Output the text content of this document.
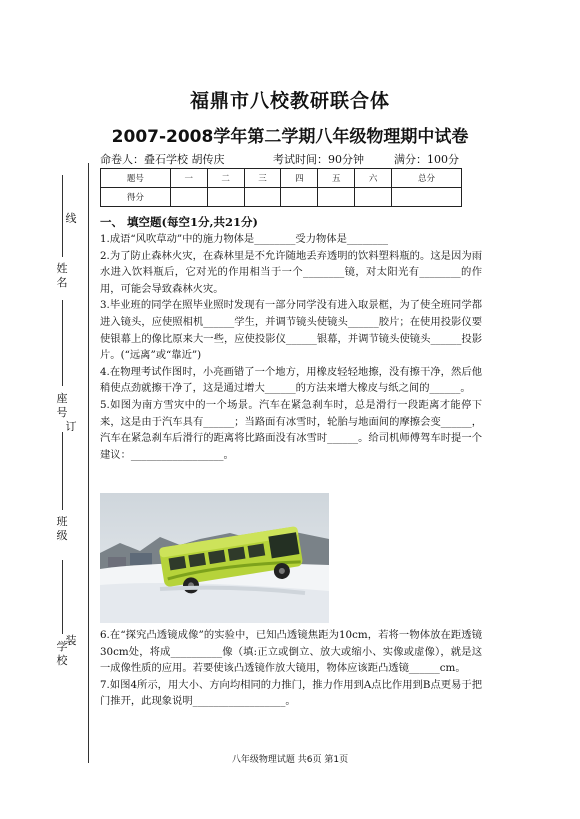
线
订
装
姓名
座号
班级
学校
福鼎市八校教研联合体
2007-2008学年第二学期八年级物理期中试卷
命卷人：叠石学校 胡传庆	考试时间：90分钟	满分：100分
题号	一	二	三	四	五	六	总分
得分							
一、 填空题(每空1分,共21分)

1.成语“风吹草动”中的施力物体是________受力物体是________

2.为了防止森林火灾，在森林里是不允许随地丢弃透明的饮料塑料瓶的。这是因为雨水进入饮料瓶后，它对光的作用相当于一个________镜，对太阳光有________的作用，可能会导致森林火灾。

3.毕业班的同学在照毕业照时发现有一部分同学没有进入取景框，为了使全班同学都进入镜头，应使照相机______学生，并调节镜头使镜头______胶片；在使用投影仪要使银幕上的像比原来大一些，应使投影仪______银幕，并调节镜头使镜头______投影片。(“远离”或“靠近”)

4.在物理考试作图时，小亮画错了一个地方，用橡皮轻轻地擦，没有擦干净，然后他稍使点劲就擦干净了，这是通过增大______的方法来增大橡皮与纸之间的______。

5.如图为南方雪灾中的一个场景。汽车在紧急刹车时，总是滑行一段距离才能停下来，这是由于汽车具有______；当路面有冰雪时，轮胎与地面间的摩擦会变______，汽车在紧急刹车后滑行的距离将比路面没有冰雪时______。给司机师傅驾车时提一个建议：__________________。

6.在“探究凸透镜成像”的实验中，已知凸透镜焦距为10cm，若将一物体放在距透镜30cm处，将成__________像（填:正立或倒立、放大或缩小、实像或虚像），就是这一成像性质的应用。若要使该凸透镜作放大镜用，物体应该距凸透镜______cm。

7.如图4所示，用大小、方向均相同的力推门，推力作用到A点比作用到B点更易于把门推开，此现象说明__________________。

八年级物理试题 共6页 第1页
